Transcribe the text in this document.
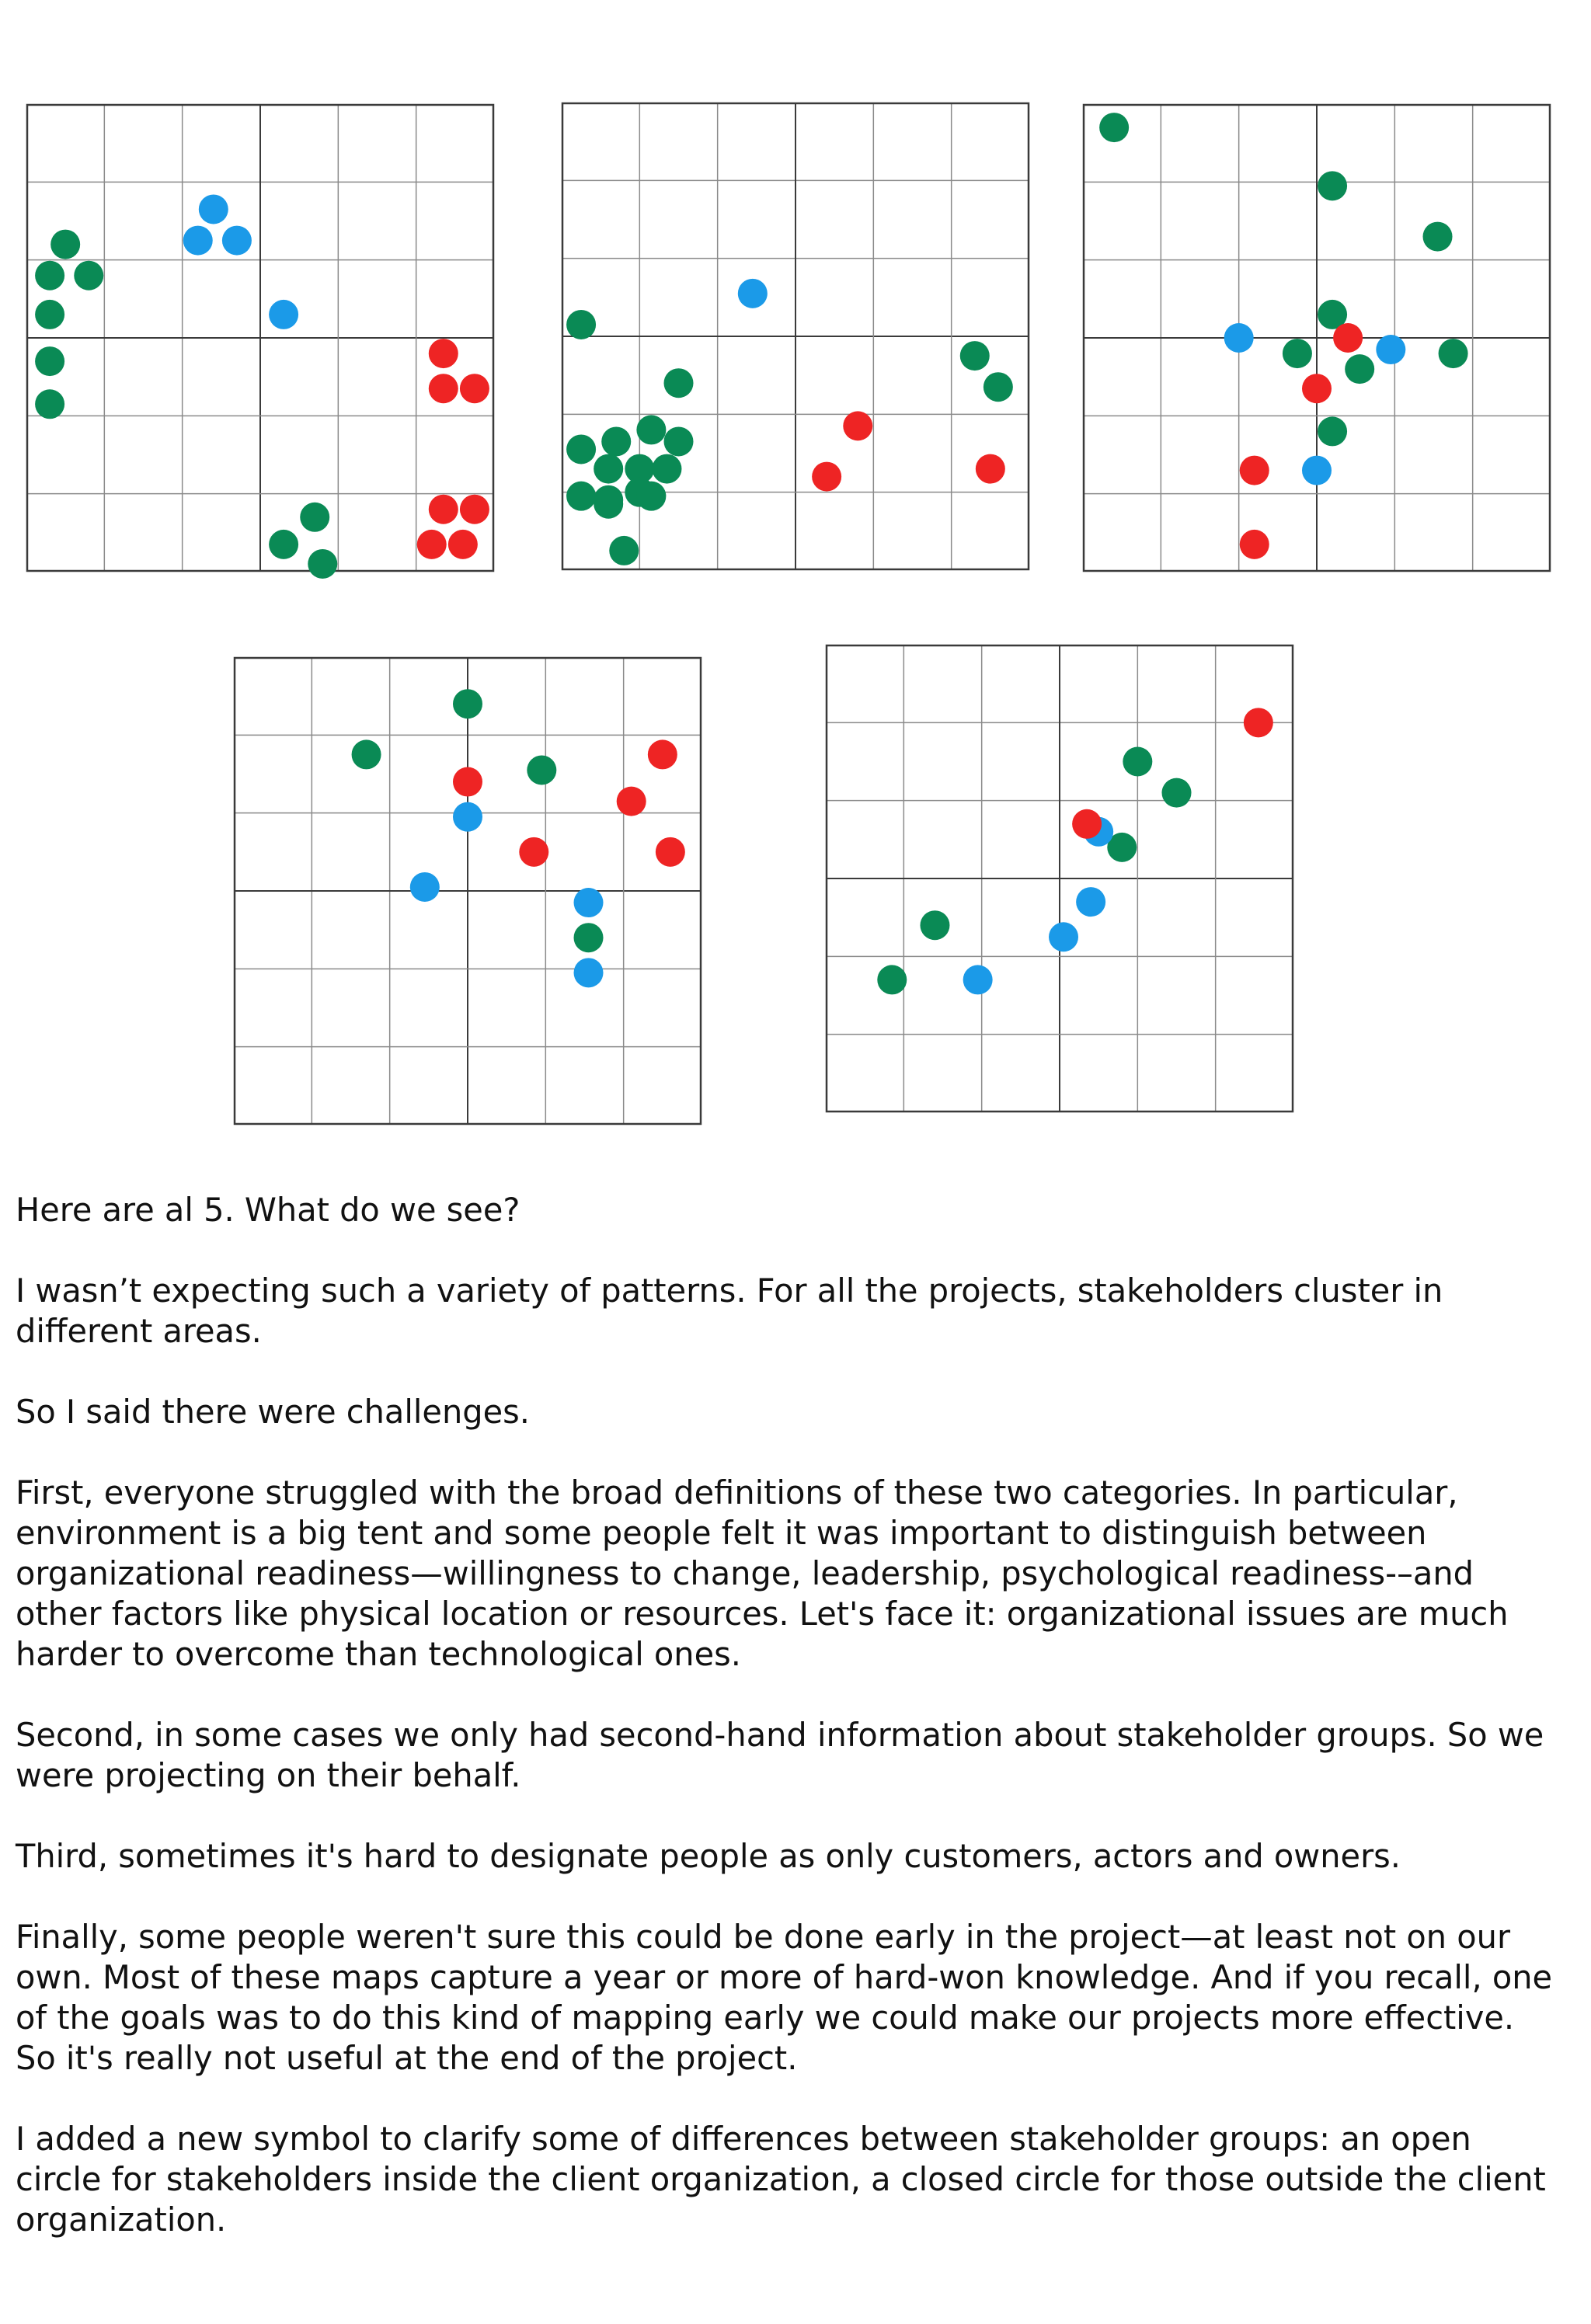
Here are al 5. What do we see?

I wasn’t expecting such a variety of patterns. For all the projects, stakeholders cluster in different areas.

So I said there were challenges.

First, everyone struggled with the broad definitions of these two categories. In particular, environment is a big tent and some people felt it was important to distinguish between organizational readiness—willingness to change, leadership, psychological readiness-–and other factors like physical location or resources. Let's face it: organizational issues are much harder to overcome than technological ones.

Second, in some cases we only had second-hand information about stakeholder groups. So we were projecting on their behalf.

Third, sometimes it's hard to designate people as only customers, actors and owners.

Finally, some people weren't sure this could be done early in the project—at least not on our own. Most of these maps capture a year or more of hard-won knowledge. And if you recall, one of the goals was to do this kind of mapping early we could make our projects more effective. So it's really not useful at the end of the project.

I added a new symbol to clarify some of differences between stakeholder groups: an open circle for stakeholders inside the client organization, a closed circle for those outside the client organization.
